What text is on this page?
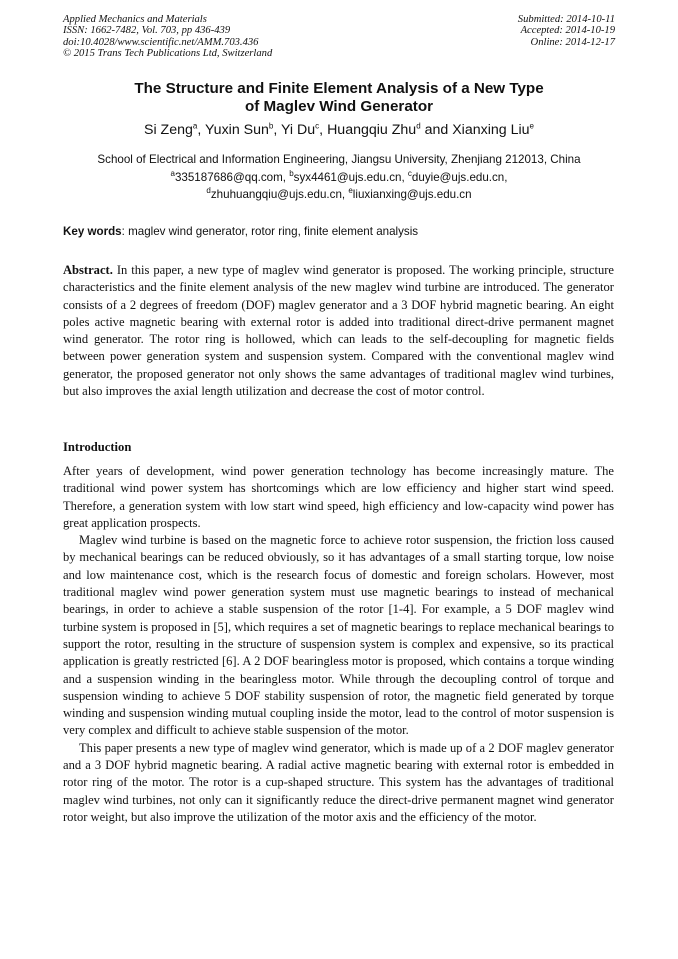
Applied Mechanics and Materials
ISSN: 1662-7482, Vol. 703, pp 436-439
doi:10.4028/www.scientific.net/AMM.703.436
© 2015 Trans Tech Publications Ltd, Switzerland
Submitted: 2014-10-11
Accepted: 2014-10-19
Online: 2014-12-17
The Structure and Finite Element Analysis of a New Type
of Maglev Wind Generator
Si Zeng$^a$, Yuxin Sun$^b$, Yi Du$^c$, Huangqiu Zhu$^d$ and Xianxing Liu$^e$
School of Electrical and Information Engineering, Jiangsu University, Zhenjiang 212013, China
$^a$335187686@qq.com, $^b$syx4461@ujs.edu.cn, $^c$duyie@ujs.edu.cn,
$^d$zhuhuangqiu@ujs.edu.cn, $^e$liuxianxing@ujs.edu.cn
Key words: maglev wind generator, rotor ring, finite element analysis
Abstract. In this paper, a new type of maglev wind generator is proposed. The working principle, structure characteristics and the finite element analysis of the new maglev wind turbine are introduced. The generator consists of a 2 degrees of freedom (DOF) maglev generator and a 3 DOF hybrid magnetic bearing. An eight poles active magnetic bearing with external rotor is added into traditional direct-drive permanent magnet wind generator. The rotor ring is hollowed, which can leads to the self-decoupling for magnetic fields between power generation system and suspension system. Compared with the conventional maglev wind generator, the proposed generator not only shows the same advantages of traditional maglev wind turbines, but also improves the axial length utilization and decrease the cost of motor control.
Introduction

After years of development, wind power generation technology has become increasingly mature. The traditional wind power system has shortcomings which are low efficiency and higher start wind speed. Therefore, a generation system with low start wind speed, high efficiency and low-capacity wind power has great application prospects.

Maglev wind turbine is based on the magnetic force to achieve rotor suspension, the friction loss caused by mechanical bearings can be reduced obviously, so it has advantages of a small starting torque, low noise and low maintenance cost, which is the research focus of domestic and foreign scholars. However, most traditional maglev wind power generation system must use magnetic bearings to instead of mechanical bearings, in order to achieve a stable suspension of the rotor [1-4]. For example, a 5 DOF maglev wind turbine system is proposed in [5], which requires a set of magnetic bearings to replace mechanical bearings to support the rotor, resulting in the structure of suspension system is complex and expensive, so its practical application is greatly restricted [6]. A 2 DOF bearingless motor is proposed, which contains a torque winding and a suspension winding in the bearingless motor. While through the decoupling control of torque and suspension winding to achieve 5 DOF stability suspension of rotor, the magnetic field generated by torque winding and suspension winding mutual coupling inside the motor, lead to the control of motor suspension is very complex and difficult to achieve stable suspension of the motor.

This paper presents a new type of maglev wind generator, which is made up of a 2 DOF maglev generator and a 3 DOF hybrid magnetic bearing. A radial active magnetic bearing with external rotor is embedded in rotor ring of the motor. The rotor is a cup-shaped structure. This system has the advantages of traditional maglev wind turbines, not only can it significantly reduce the direct-drive permanent magnet wind generator rotor weight, but also improve the utilization of the motor axis and the efficiency of the motor.
